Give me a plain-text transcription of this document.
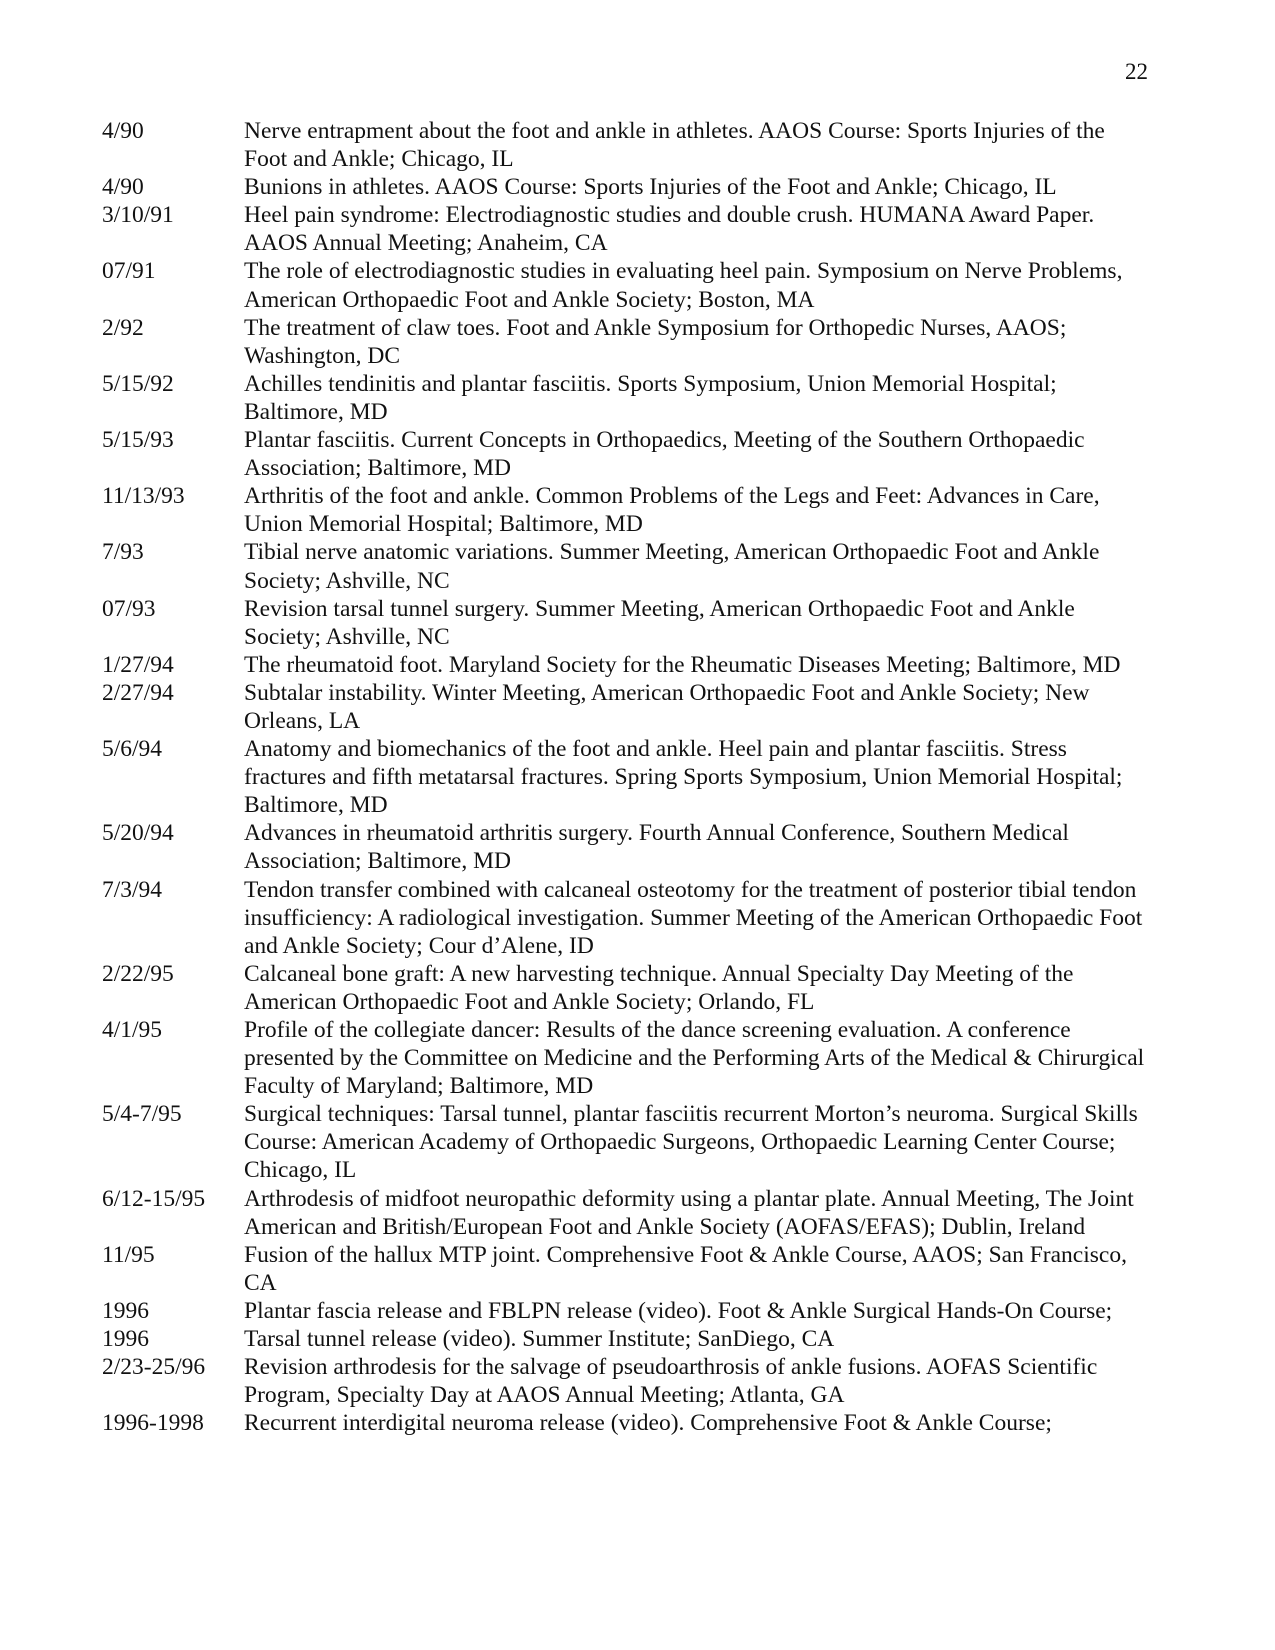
22
4/90	Nerve entrapment about the foot and ankle in athletes. AAOS Course: Sports Injuries of the Foot and Ankle; Chicago, IL
4/90	Bunions in athletes. AAOS Course: Sports Injuries of the Foot and Ankle; Chicago, IL
3/10/91	Heel pain syndrome: Electrodiagnostic studies and double crush. HUMANA Award Paper. AAOS Annual Meeting; Anaheim, CA
07/91	The role of electrodiagnostic studies in evaluating heel pain. Symposium on Nerve Problems, American Orthopaedic Foot and Ankle Society; Boston, MA
2/92	The treatment of claw toes. Foot and Ankle Symposium for Orthopedic Nurses, AAOS; Washington, DC
5/15/92	Achilles tendinitis and plantar fasciitis. Sports Symposium, Union Memorial Hospital; Baltimore, MD
5/15/93	Plantar fasciitis. Current Concepts in Orthopaedics, Meeting of the Southern Orthopaedic Association; Baltimore, MD
11/13/93	Arthritis of the foot and ankle. Common Problems of the Legs and Feet: Advances in Care, Union Memorial Hospital; Baltimore, MD
7/93	Tibial nerve anatomic variations. Summer Meeting, American Orthopaedic Foot and Ankle Society; Ashville, NC
07/93	Revision tarsal tunnel surgery. Summer Meeting, American Orthopaedic Foot and Ankle Society; Ashville, NC
1/27/94	The rheumatoid foot. Maryland Society for the Rheumatic Diseases Meeting; Baltimore, MD
2/27/94	Subtalar instability. Winter Meeting, American Orthopaedic Foot and Ankle Society; New Orleans, LA
5/6/94	Anatomy and biomechanics of the foot and ankle. Heel pain and plantar fasciitis. Stress fractures and fifth metatarsal fractures. Spring Sports Symposium, Union Memorial Hospital; Baltimore, MD
5/20/94	Advances in rheumatoid arthritis surgery. Fourth Annual Conference, Southern Medical Association; Baltimore, MD
7/3/94	Tendon transfer combined with calcaneal osteotomy for the treatment of posterior tibial tendon insufficiency: A radiological investigation. Summer Meeting of the American Orthopaedic Foot and Ankle Society; Cour d’Alene, ID
2/22/95	Calcaneal bone graft: A new harvesting technique. Annual Specialty Day Meeting of the American Orthopaedic Foot and Ankle Society; Orlando, FL
4/1/95	Profile of the collegiate dancer: Results of the dance screening evaluation. A conference presented by the Committee on Medicine and the Performing Arts of the Medical & Chirurgical Faculty of Maryland; Baltimore, MD
5/4-7/95	Surgical techniques: Tarsal tunnel, plantar fasciitis recurrent Morton’s neuroma. Surgical Skills Course: American Academy of Orthopaedic Surgeons, Orthopaedic Learning Center Course; Chicago, IL
6/12-15/95	Arthrodesis of midfoot neuropathic deformity using a plantar plate. Annual Meeting, The Joint American and British/European Foot and Ankle Society (AOFAS/EFAS); Dublin, Ireland
11/95	Fusion of the hallux MTP joint. Comprehensive Foot & Ankle Course, AAOS; San Francisco, CA
1996	Plantar fascia release and FBLPN release (video). Foot & Ankle Surgical Hands-On Course;
1996	Tarsal tunnel release (video). Summer Institute; SanDiego, CA
2/23-25/96	Revision arthrodesis for the salvage of pseudoarthrosis of ankle fusions. AOFAS Scientific Program, Specialty Day at AAOS Annual Meeting; Atlanta, GA
1996-1998	Recurrent interdigital neuroma release (video). Comprehensive Foot & Ankle Course;
